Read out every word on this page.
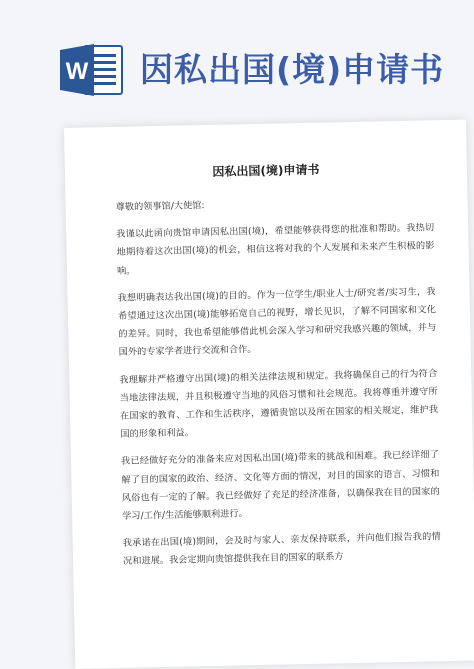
W 因私出国(境)申请书
因私出国(境)申请书

尊敬的领事馆/大使馆:

我谨以此函向贵馆申请因私出国(境)，希望能够获得您的批准和帮助。我热切地期待着这次出国(境)的机会，相信这将对我的个人发展和未来产生积极的影响。

我想明确表达我出国(境)的目的。作为一位学生/职业人士/研究者/实习生，我希望通过这次出国(境)能够拓宽自己的视野，增长见识，了解不同国家和文化的差异。同时，我也希望能够借此机会深入学习和研究我感兴趣的领域，并与国外的专家学者进行交流和合作。

我理解并严格遵守出国(境)的相关法律法规和规定。我将确保自己的行为符合当地法律法规，并且积极遵守当地的风俗习惯和社会规范。我将尊重并遵守所在国家的教育、工作和生活秩序，遵循贵馆以及所在国家的相关规定，维护我国的形象和利益。

我已经做好充分的准备来应对因私出国(境)带来的挑战和困难。我已经详细了解了目的国家的政治、经济、文化等方面的情况，对目的国家的语言、习惯和风俗也有一定的了解。我已经做好了充足的经济准备，以确保我在目的国家的学习/工作/生活能够顺利进行。

我承诺在出国(境)期间，会及时与家人、亲友保持联系，并向他们报告我的情况和进展。我会定期向贵馆提供我在目的国家的联系方
